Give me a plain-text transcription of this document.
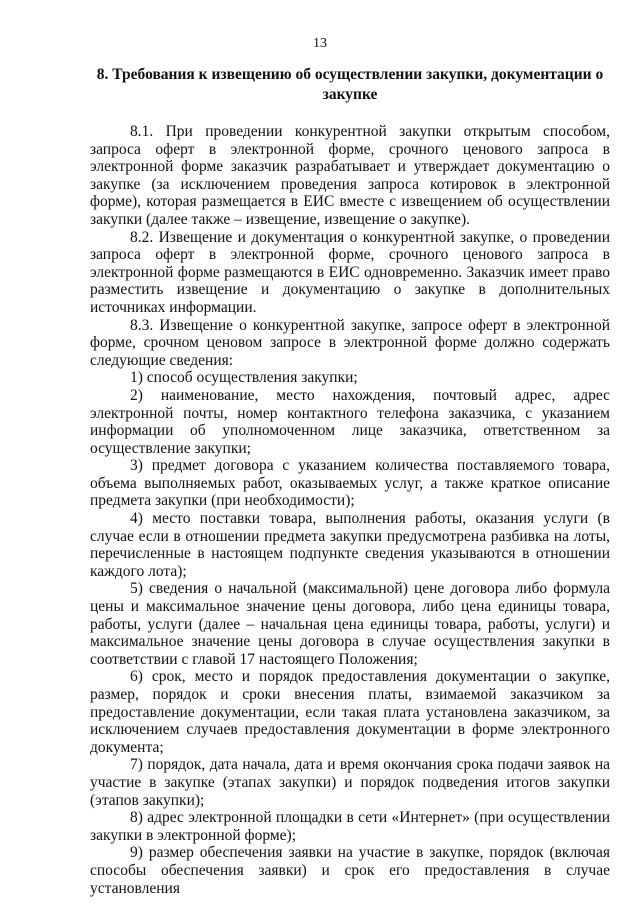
13
8. Требования к извещению об осуществлении закупки, документации о закупке

8.1. При проведении конкурентной закупки открытым способом, запроса оферт в электронной форме, срочного ценового запроса в электронной форме заказчик разрабатывает и утверждает документацию о закупке (за исключением проведения запроса котировок в электронной форме), которая размещается в ЕИС вместе с извещением об осуществлении закупки (далее также – извещение, извещение о закупке).

8.2. Извещение и документация о конкурентной закупке, о проведении запроса оферт в электронной форме, срочного ценового запроса в электронной форме размещаются в ЕИС одновременно. Заказчик имеет право разместить извещение и документацию о закупке в дополнительных источниках информации.

8.3. Извещение о конкурентной закупке, запросе оферт в электронной форме, срочном ценовом запросе в электронной форме должно содержать следующие сведения:

1) способ осуществления закупки;

2) наименование, место нахождения, почтовый адрес, адрес электронной почты, номер контактного телефона заказчика, с указанием информации об уполномоченном лице заказчика, ответственном за осуществление закупки;

3) предмет договора с указанием количества поставляемого товара, объема выполняемых работ, оказываемых услуг, а также краткое описание предмета закупки (при необходимости);

4) место поставки товара, выполнения работы, оказания услуги (в случае если в отношении предмета закупки предусмотрена разбивка на лоты, перечисленные в настоящем подпункте сведения указываются в отношении каждого лота);

5) сведения о начальной (максимальной) цене договора либо формула цены и максимальное значение цены договора, либо цена единицы товара, работы, услуги (далее – начальная цена единицы товара, работы, услуги) и максимальное значение цены договора в случае осуществления закупки в соответствии с главой 17 настоящего Положения;

6) срок, место и порядок предоставления документации о закупке, размер, порядок и сроки внесения платы, взимаемой заказчиком за предоставление документации, если такая плата установлена заказчиком, за исключением случаев предоставления документации в форме электронного документа;

7) порядок, дата начала, дата и время окончания срока подачи заявок на участие в закупке (этапах закупки) и порядок подведения итогов закупки (этапов закупки);

8) адрес электронной площадки в сети «Интернет» (при осуществлении закупки в электронной форме);

9) размер обеспечения заявки на участие в закупке, порядок (включая способы обеспечения заявки) и срок его предоставления в случае установления
